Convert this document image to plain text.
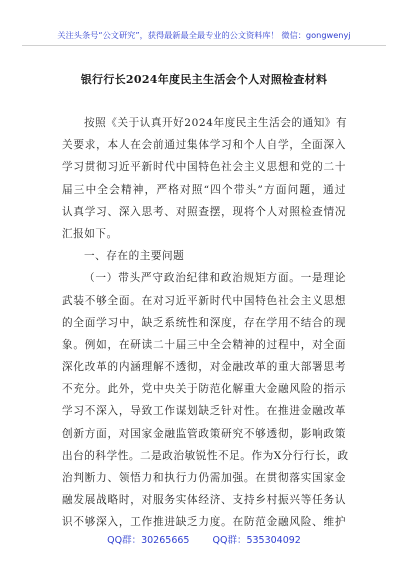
关注头条号“公文研究”，获得最新最全最专业的公文资料库！ 微信：gongwenyj
银行行长2024年度民主生活会个人对照检查材料
按照《关于认真开好2024年度民主生活会的通知》有
关要求，本人在会前通过集体学习和个人自学，全面深入
学习贯彻习近平新时代中国特色社会主义思想和党的二十
届三中全会精神，严格对照“四个带头”方面问题，通过
认真学习、深入思考、对照查摆，现将个人对照检查情况
汇报如下。
一、存在的主要问题
（一）带头严守政治纪律和政治规矩方面。一是理论
武装不够全面。在对习近平新时代中国特色社会主义思想
的全面学习中，缺乏系统性和深度，存在学用不结合的现
象。例如，在研读二十届三中全会精神的过程中，对全面
深化改革的内涵理解不透彻，对金融改革的重大部署思考
不充分。此外，党中央关于防范化解重大金融风险的指示
学习不深入，导致工作谋划缺乏针对性。在推进金融改革
创新方面，对国家金融监管政策研究不够透彻，影响政策
出台的科学性。二是政治敏锐性不足。作为X分行行长，政
治判断力、领悟力和执行力仍需加强。在贯彻落实国家金
融发展战略时，对服务实体经济、支持乡村振兴等任务认
识不够深入，工作推进缺乏力度。在防范金融风险、维护
QQ群：30265665 QQ群：535304092
